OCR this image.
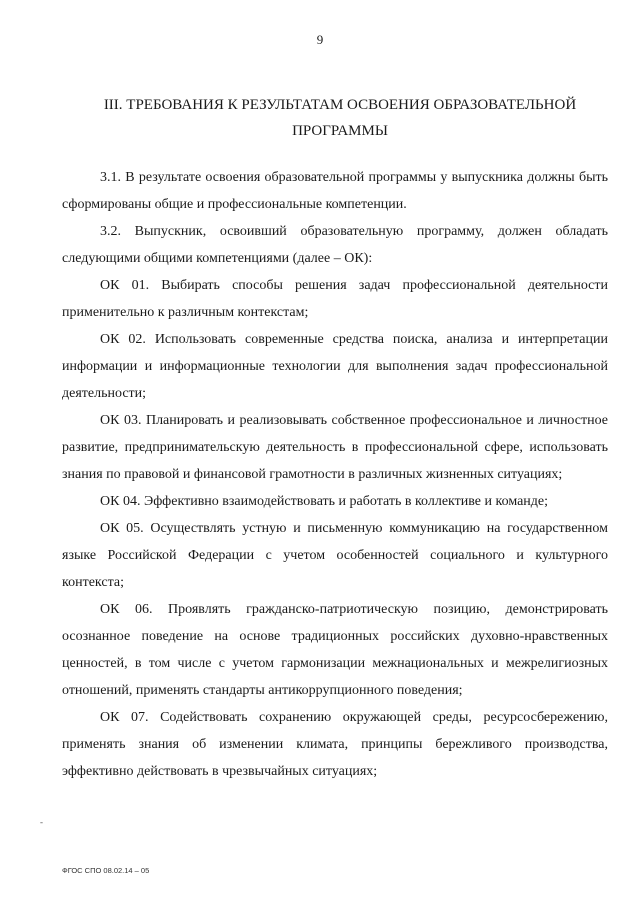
9
III. ТРЕБОВАНИЯ К РЕЗУЛЬТАТАМ ОСВОЕНИЯ ОБРАЗОВАТЕЛЬНОЙ
ПРОГРАММЫ

3.1. В результате освоения образовательной программы у выпускника должны быть сформированы общие и профессиональные компетенции.

3.2. Выпускник, освоивший образовательную программу, должен обладать следующими общими компетенциями (далее – ОК):

ОК 01. Выбирать способы решения задач профессиональной деятельности применительно к различным контекстам;

ОК 02. Использовать современные средства поиска, анализа и интерпретации информации и информационные технологии для выполнения задач профессиональной деятельности;

ОК 03. Планировать и реализовывать собственное профессиональное и личностное развитие, предпринимательскую деятельность в профессиональной сфере, использовать знания по правовой и финансовой грамотности в различных жизненных ситуациях;

ОК 04. Эффективно взаимодействовать и работать в коллективе и команде;

ОК 05. Осуществлять устную и письменную коммуникацию на государственном языке Российской Федерации с учетом особенностей социального и культурного контекста;

ОК 06. Проявлять гражданско-патриотическую позицию, демонстрировать осознанное поведение на основе традиционных российских духовно-нравственных ценностей, в том числе с учетом гармонизации межнациональных и межрелигиозных отношений, применять стандарты антикоррупционного поведения;

ОК 07. Содействовать сохранению окружающей среды, ресурсосбережению, применять знания об изменении климата, принципы бережливого производства, эффективно действовать в чрезвычайных ситуациях;

‑
ФГОС СПО 08.02.14 – 05
